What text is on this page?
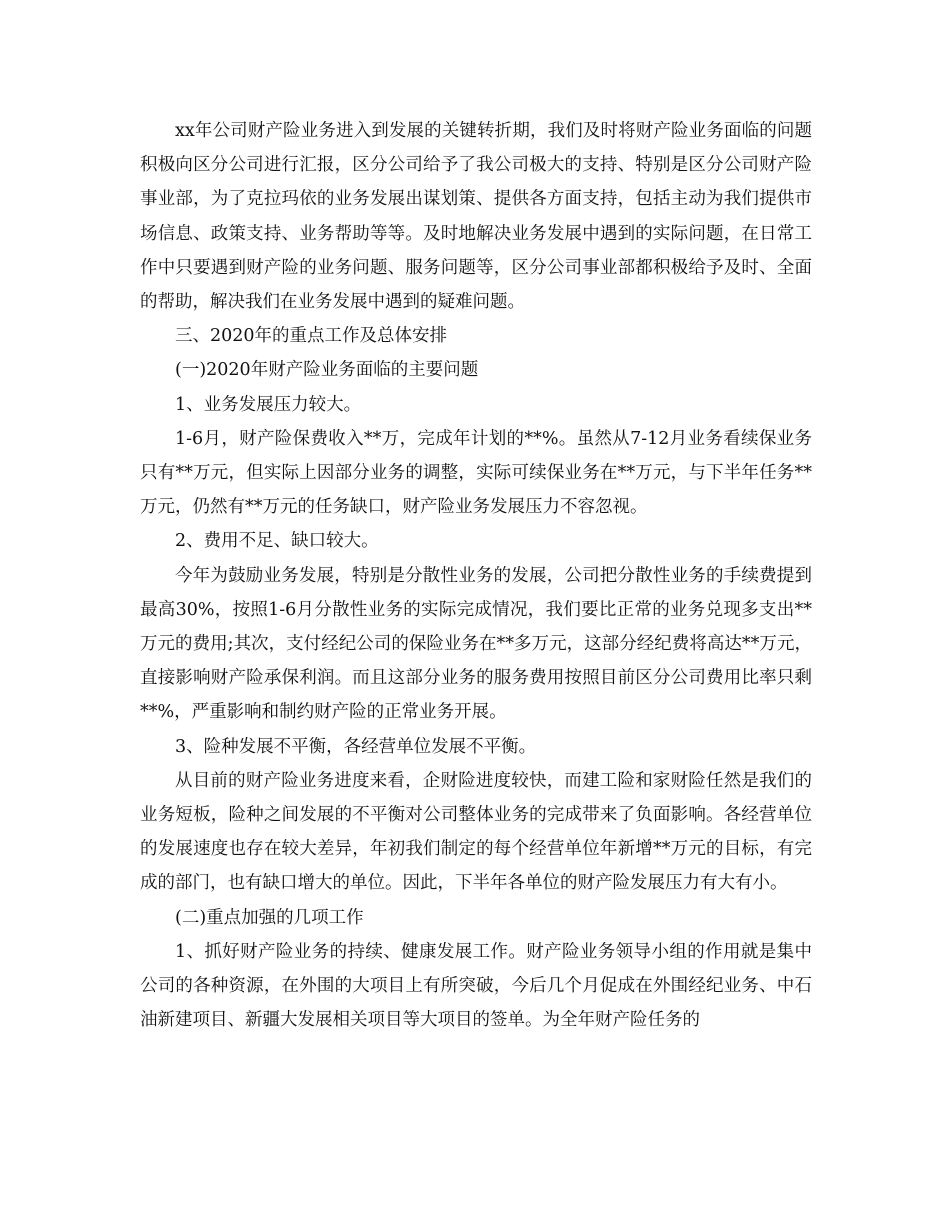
xx年公司财产险业务进入到发展的关键转折期，我们及时将财产险业务面临的问题积极向区分公司进行汇报，区分公司给予了我公司极大的支持、特别是区分公司财产险事业部，为了克拉玛依的业务发展出谋划策、提供各方面支持，包括主动为我们提供市场信息、政策支持、业务帮助等等。及时地解决业务发展中遇到的实际问题，在日常工作中只要遇到财产险的业务问题、服务问题等，区分公司事业部都积极给予及时、全面的帮助，解决我们在业务发展中遇到的疑难问题。

三、2020年的重点工作及总体安排

(一)2020年财产险业务面临的主要问题

1、业务发展压力较大。

1-6月，财产险保费收入**万，完成年计划的**%。虽然从7-12月业务看续保业务只有**万元，但实际上因部分业务的调整，实际可续保业务在**万元，与下半年任务**万元，仍然有**万元的任务缺口，财产险业务发展压力不容忽视。

2、费用不足、缺口较大。

今年为鼓励业务发展，特别是分散性业务的发展，公司把分散性业务的手续费提到最高30%，按照1-6月分散性业务的实际完成情况，我们要比正常的业务兑现多支出**万元的费用;其次，支付经纪公司的保险业务在**多万元，这部分经纪费将高达**万元，直接影响财产险承保利润。而且这部分业务的服务费用按照目前区分公司费用比率只剩**%，严重影响和制约财产险的正常业务开展。

3、险种发展不平衡，各经营单位发展不平衡。

从目前的财产险业务进度来看，企财险进度较快，而建工险和家财险任然是我们的业务短板，险种之间发展的不平衡对公司整体业务的完成带来了负面影响。各经营单位的发展速度也存在较大差异，年初我们制定的每个经营单位年新增**万元的目标，有完成的部门，也有缺口增大的单位。因此，下半年各单位的财产险发展压力有大有小。

(二)重点加强的几项工作

1、抓好财产险业务的持续、健康发展工作。财产险业务领导小组的作用就是集中公司的各种资源，在外围的大项目上有所突破，今后几个月促成在外围经纪业务、中石油新建项目、新疆大发展相关项目等大项目的签单。为全年财产险任务的
